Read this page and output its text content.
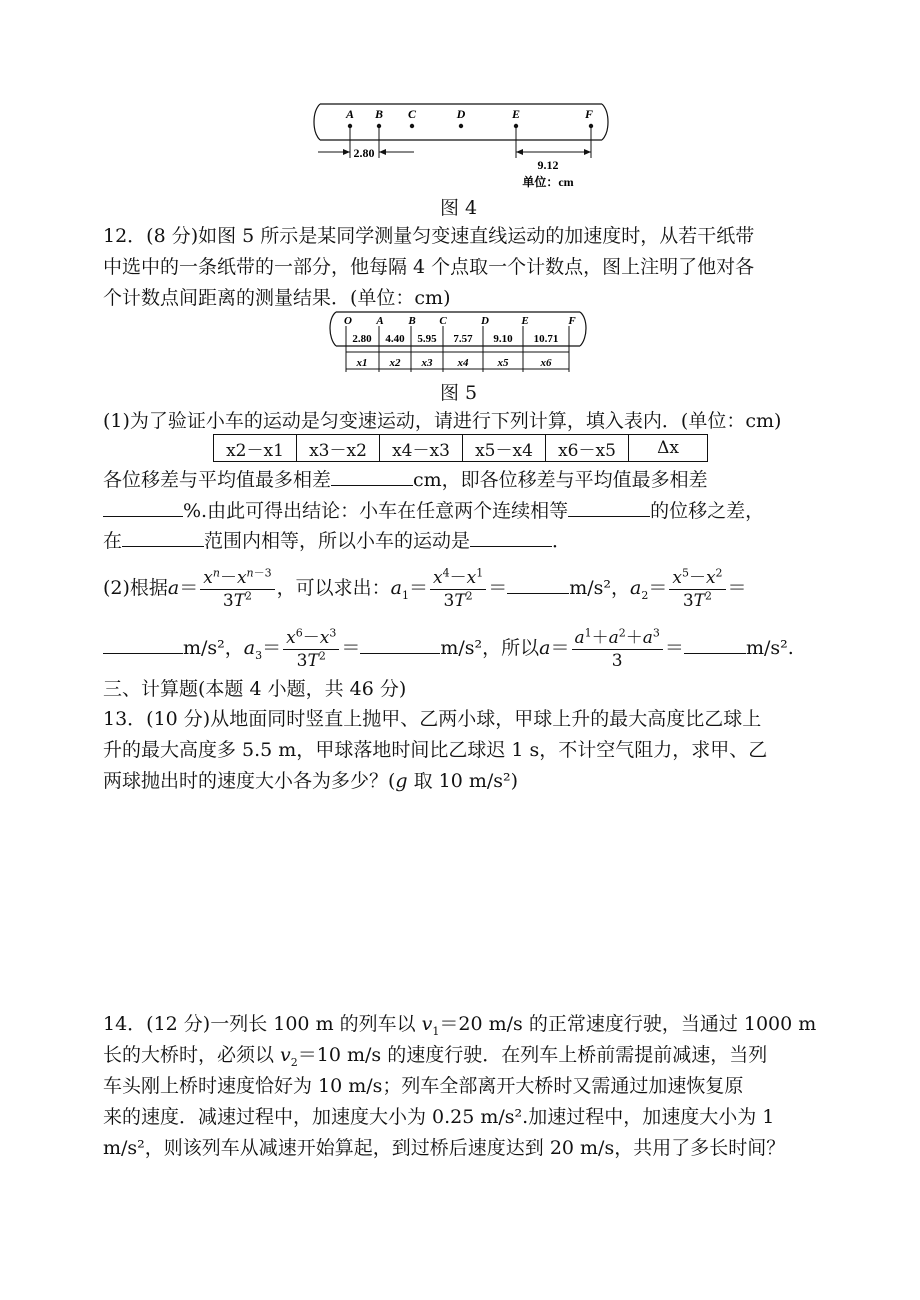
A B C	D	E	F
2.80
9.12
单位：cm
图 4
12．(8 分)如图 5 所示是某同学测量匀变速直线运动的加速度时，从若干纸带
中选中的一条纸带的一部分，他每隔 4 个点取一个计数点，图上注明了他对各
个计数点间距离的测量结果．(单位：cm)
O A B C	D	E	F
2.80 4.40 5.95 7.57 9.10 10.71
x1 x2 x3 x4	x5	x6
图 5
(1)为了验证小车的运动是匀变速运动，请进行下列计算，填入表内．(单位：cm)
x2－x1	x3－x2	x4－x3	x5－x4	x6－x5	Δx
各位移差与平均值最多相差	cm，即各位移差与平均值最多相差
%.由此可得出结论：小车在任意两个连续相等	的位移之差，
在	范围内相等，所以小车的运动是	．
(2)根据$a= \frac{x^n-x^{n-3}}{3T^2}$ ，可以求出：$a_1= \frac{x^4-x^1}{3T^2}$ ＝	m/s²，$a_2= \frac{x^5-x^2}{3T^2}$ ＝
m/s²，$a_3= \frac{x^6-x^3}{3T^2}$ ＝	m/s²，所以$a= \frac{a^1+a^2+a^3}{3}$ ＝	m/s².
三、计算题(本题 4 小题，共 46 分)
13．(10 分)从地面同时竖直上抛甲、乙两小球，甲球上升的最大高度比乙球上
升的最大高度多 5.5 m，甲球落地时间比乙球迟 1 s，不计空气阻力，求甲、乙
两球抛出时的速度大小各为多少？(g 取 10 m/s²)
14．(12 分)一列长 100 m 的列车以 $v_1=20$ m/s 的正常速度行驶，当通过 1000 m
长的大桥时，必须以 $v_2=10$ m/s 的速度行驶．在列车上桥前需提前减速，当列
车头刚上桥时速度恰好为 10 m/s；列车全部离开大桥时又需通过加速恢复原
来的速度．减速过程中，加速度大小为 0.25 m/s².加速过程中，加速度大小为 1
m/s²，则该列车从减速开始算起，到过桥后速度达到 20 m/s，共用了多长时间？
